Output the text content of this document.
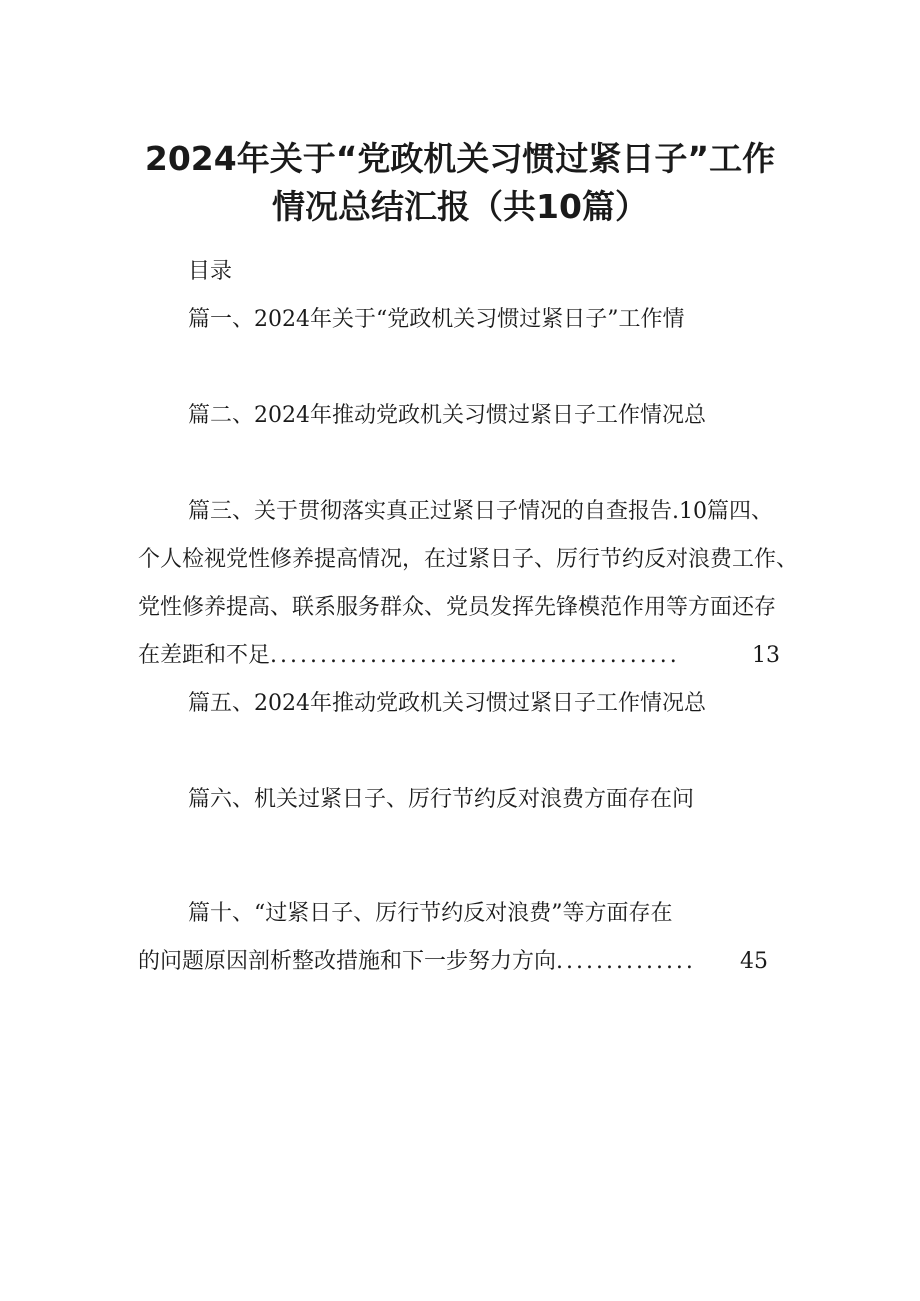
2024年关于“党政机关习惯过紧日子”工作
情况总结汇报（共10篇）
目录
篇一、2024年关于“党政机关习惯过紧日子”工作情
篇二、2024年推动党政机关习惯过紧日子工作情况总
篇三、关于贯彻落实真正过紧日子情况的自查报告.10篇四、
个人检视党性修养提高情况，在过紧日子、厉行节约反对浪费工作、
党性修养提高、联系服务群众、党员发挥先锋模范作用等方面还存
在差距和不足.........................................	13
篇五、2024年推动党政机关习惯过紧日子工作情况总
篇六、机关过紧日子、厉行节约反对浪费方面存在问
篇十、“过紧日子、厉行节约反对浪费”等方面存在
的问题原因剖析整改措施和下一步努力方向.............. 45
